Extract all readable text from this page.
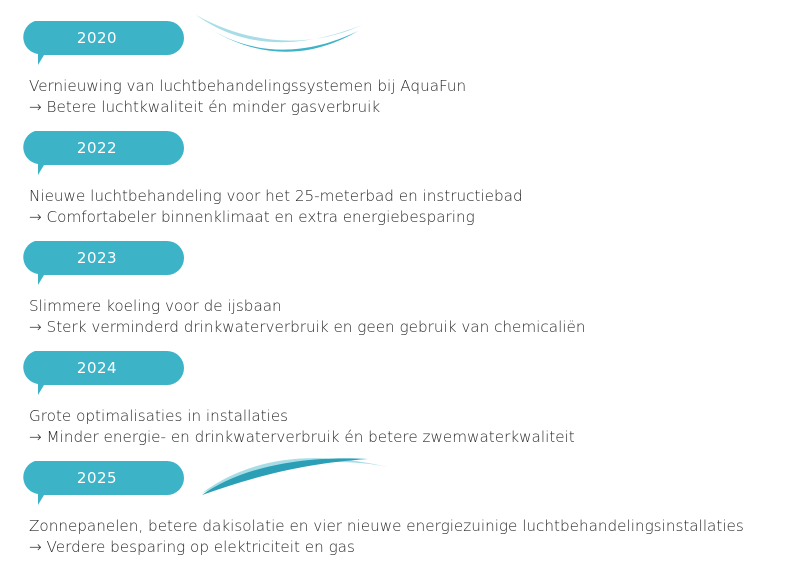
2020
Vernieuwing van luchtbehandelingssystemen bij AquaFun
→ Betere luchtkwaliteit én minder gasverbruik
2022
Nieuwe luchtbehandeling voor het 25-meterbad en instructiebad
→ Comfortabeler binnenklimaat en extra energiebesparing
2023
Slimmere koeling voor de ijsbaan
→ Sterk verminderd drinkwaterverbruik en geen gebruik van chemicaliën
2024
Grote optimalisaties in installaties
→ Minder energie- en drinkwaterverbruik én betere zwemwaterkwaliteit
2025
Zonnepanelen, betere dakisolatie en vier nieuwe energiezuinige luchtbehandelingsinstallaties
→ Verdere besparing op elektriciteit en gas
